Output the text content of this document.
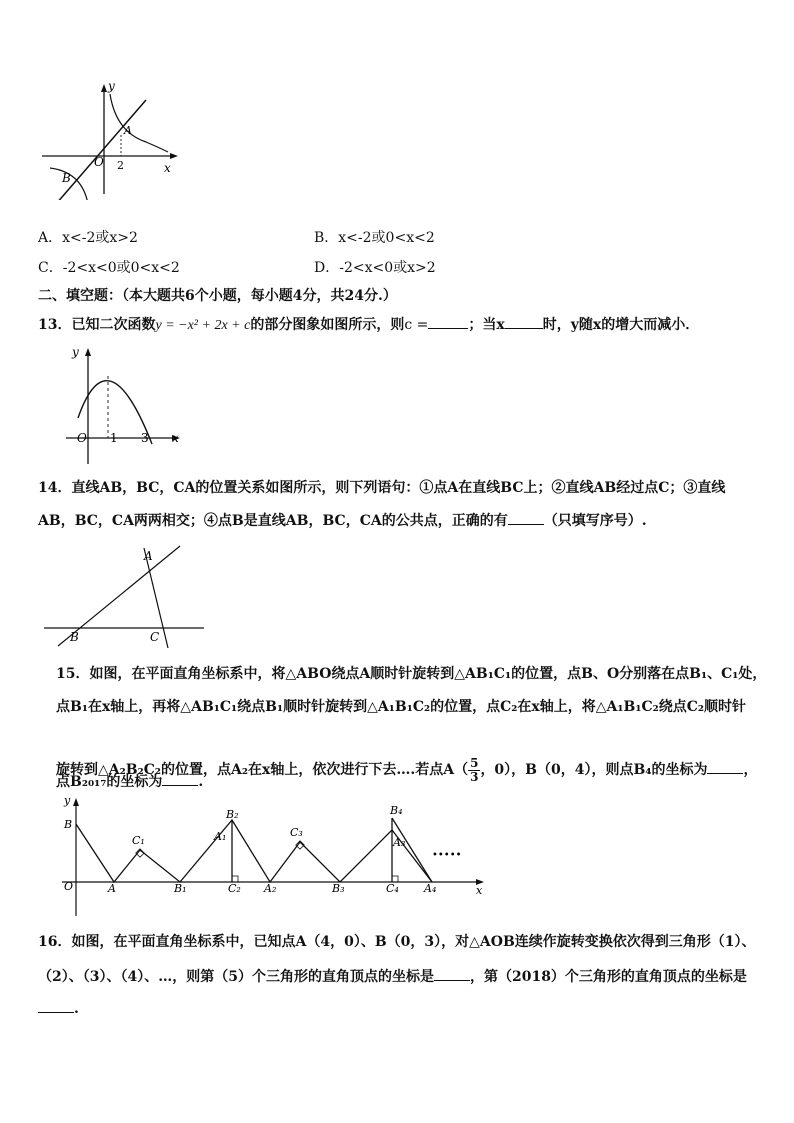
y
x
O
A
B
2
A．x<-2或x>2	B．x<-2或0<x<2
C．-2<x<0或0<x<2	D．-2<x<0或x>2
二、填空题：（本大题共6个小题，每小题4分，共24分.）
13．已知二次函数y = −x² + 2x + c的部分图象如图所示，则c =	；当x	时，y随x的增大而减小．
y
x
O 1 3
14．直线AB，BC，CA的位置关系如图所示，则下列语句：①点A在直线BC上；②直线AB经过点C；③直线
AB，BC，CA两两相交；④点B是直线AB，BC，CA的公共点，正确的有	（只填写序号）.
A
B	C
15．如图，在平面直角坐标系中，将△ABO绕点A顺时针旋转到△AB₁C₁的位置，点B、O分别落在点B₁、C₁处，
点B₁在x轴上，再将△AB₁C₁绕点B₁顺时针旋转到△A₁B₁C₂的位置，点C₂在x轴上，将△A₁B₁C₂绕点C₂顺时针
旋转到△A₂B₂C₂的位置，点A₂在x轴上，依次进行下去….若点$A( \frac{5}{3}$ ，0），B（0，4），则点B₄的坐标为	，
点B₂₀₁₇的坐标为	.
y
x
O
B
A
C₁
B₁
A₁
B₂
C₂ A₂
C₃
B₃
B₄
A₃
C₄ A₄
•••••
16．如图，在平面直角坐标系中，已知点A（4，0）、B（0，3），对△AOB连续作旋转变换依次得到三角形（1）、
（2）、（3）、（4）、…，则第（5）个三角形的直角顶点的坐标是	，第（2018）个三角形的直角顶点的坐标是
.
